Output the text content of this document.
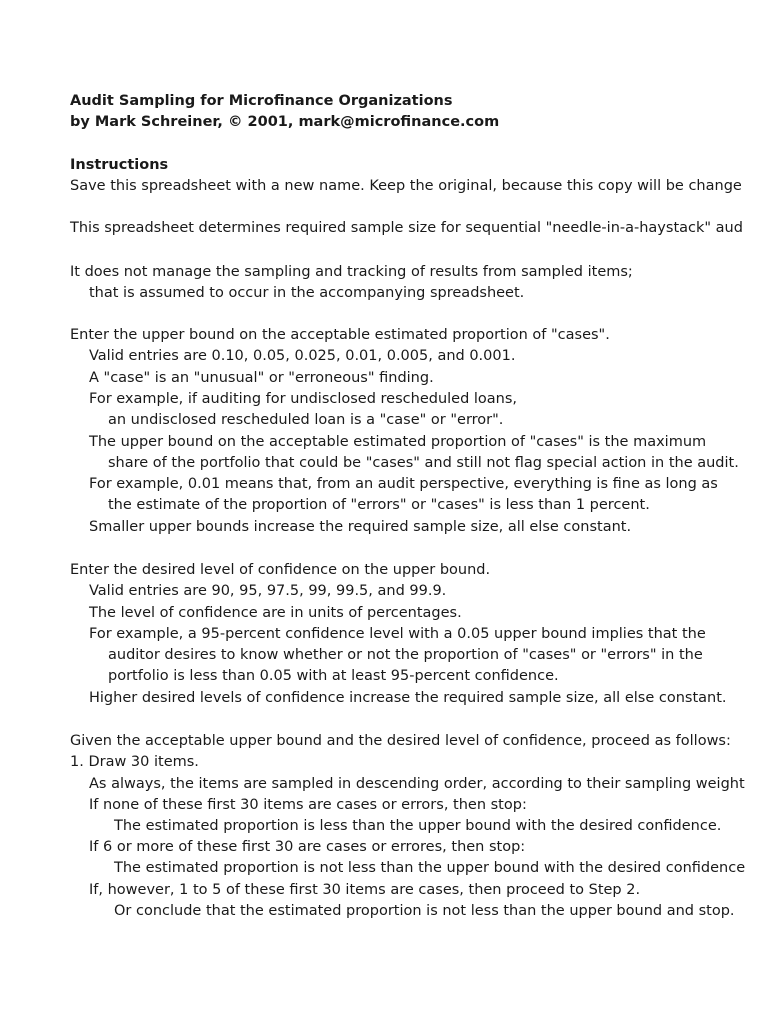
Audit Sampling for Microfinance Organizations
by Mark Schreiner, © 2001, mark@microfinance.com
Instructions
Save this spreadsheet with a new name. Keep the original, because this copy will be change
This spreadsheet determines required sample size for sequential "needle-in-a-haystack" aud
It does not manage the sampling and tracking of results from sampled items;
that is assumed to occur in the accompanying spreadsheet.
Enter the upper bound on the acceptable estimated proportion of "cases".
Valid entries are 0.10, 0.05, 0.025, 0.01, 0.005, and 0.001.
A "case" is an "unusual" or "erroneous" finding.
For example, if auditing for undisclosed rescheduled loans,
an undisclosed rescheduled loan is a "case" or "error".
The upper bound on the acceptable estimated proportion of "cases" is the maximum
share of the portfolio that could be "cases" and still not flag special action in the audit.
For example, 0.01 means that, from an audit perspective, everything is fine as long as
the estimate of the proportion of "errors" or "cases" is less than 1 percent.
Smaller upper bounds increase the required sample size, all else constant.
Enter the desired level of confidence on the upper bound.
Valid entries are 90, 95, 97.5, 99, 99.5, and 99.9.
The level of confidence are in units of percentages.
For example, a 95-percent confidence level with a 0.05 upper bound implies that the
auditor desires to know whether or not the proportion of "cases" or "errors" in the
portfolio is less than 0.05 with at least 95-percent confidence.
Higher desired levels of confidence increase the required sample size, all else constant.
Given the acceptable upper bound and the desired level of confidence, proceed as follows:
1. Draw 30 items.
As always, the items are sampled in descending order, according to their sampling weight
If none of these first 30 items are cases or errors, then stop:
The estimated proportion is less than the upper bound with the desired confidence.
If 6 or more of these first 30 are cases or errores, then stop:
The estimated proportion is not less than the upper bound with the desired confidence
If, however, 1 to 5 of these first 30 items are cases, then proceed to Step 2.
Or conclude that the estimated proportion is not less than the upper bound and stop.
